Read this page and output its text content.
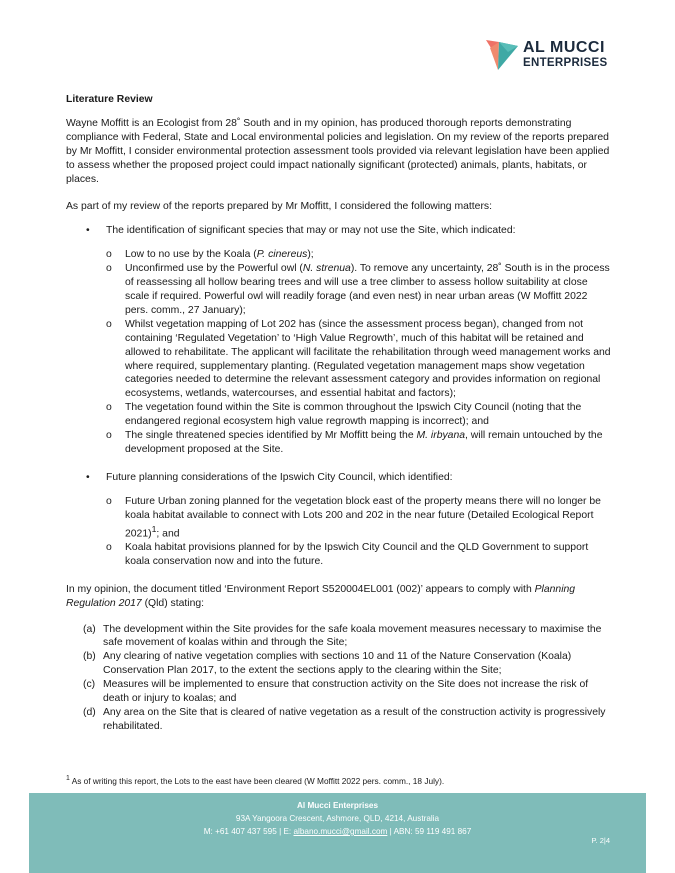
AL MUCCI
ENTERPRISES

Literature Review

Wayne Moffitt is an Ecologist from 28˚ South and in my opinion, has produced thorough reports demonstrating compliance with Federal, State and Local environmental policies and legislation. On my review of the reports prepared by Mr Moffitt, I consider environmental protection assessment tools provided via relevant legislation have been applied to assess whether the proposed project could impact nationally significant (protected) animals, plants, habitats, or places.

As part of my review of the reports prepared by Mr Moffitt, I considered the following matters:

• The identification of significant species that may or may not use the Site, which indicated:
o Low to no use by the Koala (P. cinereus);
o Unconfirmed use by the Powerful owl (N. strenua). To remove any uncertainty, 28˚ South is in the process of reassessing all hollow bearing trees and will use a tree climber to assess hollow suitability at close scale if required. Powerful owl will readily forage (and even nest) in near urban areas (W Moffitt 2022 pers. comm., 27 January);
o Whilst vegetation mapping of Lot 202 has (since the assessment process began), changed from not containing ‘Regulated Vegetation’ to ‘High Value Regrowth’, much of this habitat will be retained and allowed to rehabilitate. The applicant will facilitate the rehabilitation through weed management works and where required, supplementary planting. (Regulated vegetation management maps show vegetation categories needed to determine the relevant assessment category and provides information on regional ecosystems, wetlands, watercourses, and essential habitat and factors);
o The vegetation found within the Site is common throughout the Ipswich City Council (noting that the endangered regional ecosystem high value regrowth mapping is incorrect); and
o The single threatened species identified by Mr Moffitt being the M. irbyana, will remain untouched by the development proposed at the Site.
• Future planning considerations of the Ipswich City Council, which identified:
o Future Urban zoning planned for the vegetation block east of the property means there will no longer be koala habitat available to connect with Lots 200 and 202 in the near future (Detailed Ecological Report 2021)$^1$; and
o Koala habitat provisions planned for by the Ipswich City Council and the QLD Government to support koala conservation now and into the future.

In my opinion, the document titled ‘Environment Report S520004EL001 (002)’ appears to comply with Planning Regulation 2017 (Qld) stating:

(a) The development within the Site provides for the safe koala movement measures necessary to maximise the safe movement of koalas within and through the Site;
(b) Any clearing of native vegetation complies with sections 10 and 11 of the Nature Conservation (Koala) Conservation Plan 2017, to the extent the sections apply to the clearing within the Site;
(c) Measures will be implemented to ensure that construction activity on the Site does not increase the risk of death or injury to koalas; and
(d) Any area on the Site that is cleared of native vegetation as a result of the construction activity is progressively rehabilitated.
$^1$ As of writing this report, the Lots to the east have been cleared (W Moffitt 2022 pers. comm., 18 July).
Al Mucci Enterprises
93A Yangoora Crescent, Ashmore, QLD, 4214, Australia
M: +61 407 437 595 | E: albano.mucci@gmail.com | ABN: 59 119 491 867
P. 2|4
